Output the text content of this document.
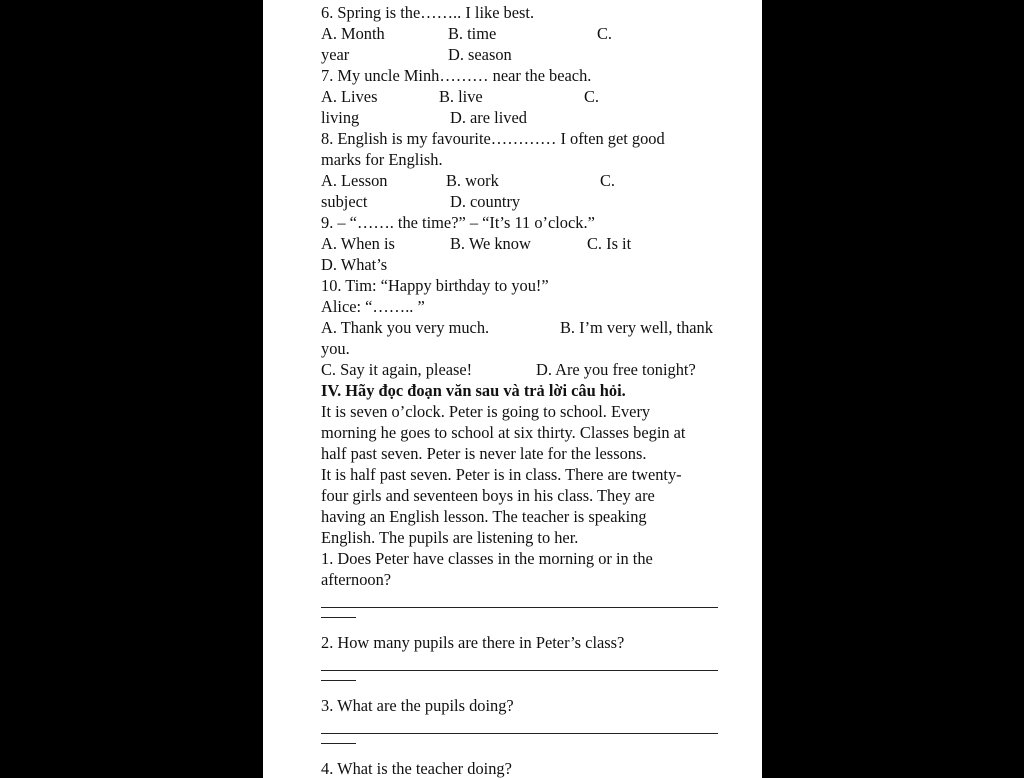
6. Spring is the…….. I like best.
A. Month	B. time	C.
year	D. season
7. My uncle Minh……… near the beach.
A. Lives	B. live	C.
living	D. are lived
8. English is my favourite………… I often get good
marks for English.
A. Lesson	B. work	C.
subject	D. country
9. – “……. the time?” – “It’s 11 o’clock.”
A. When is	B. We know	C. Is it
D. What’s
10. Tim: “Happy birthday to you!”
Alice: “…….. ”
A. Thank you very much.	B. I’m very well, thank
you.
C. Say it again, please!	D. Are you free tonight?
IV. Hãy đọc đoạn văn sau và trả lời câu hỏi.
It is seven o’clock. Peter is going to school. Every
morning he goes to school at six thirty. Classes begin at
half past seven. Peter is never late for the lessons.
It is half past seven. Peter is in class. There are twenty-
four girls and seventeen boys in his class. They are
having an English lesson. The teacher is speaking
English. The pupils are listening to her.
1. Does Peter have classes in the morning or in the
afternoon?
2. How many pupils are there in Peter’s class?
3. What are the pupils doing?
4. What is the teacher doing?
